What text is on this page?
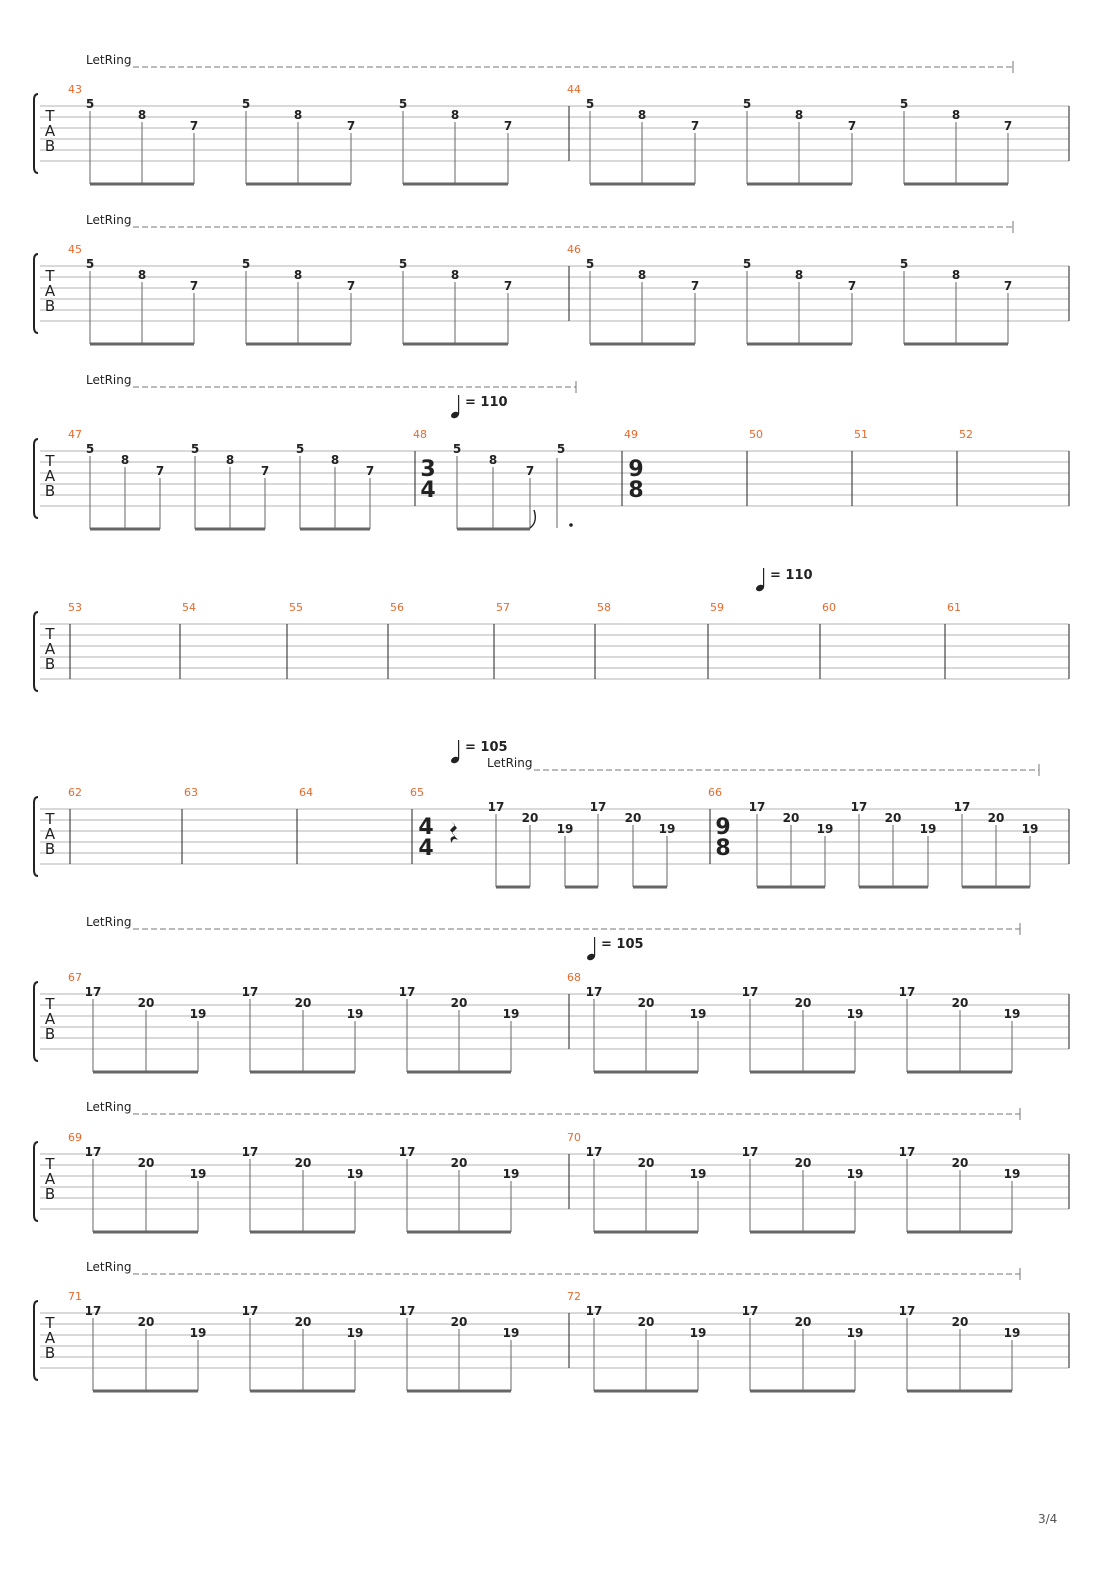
T
A
B
LetRing
43
5
8
7
5
8
7
5
8
7
44
5
8
7
5
8
7
5
8
7
T
A
B
LetRing
45
5
8
7
5
8
7
5
8
7
46
5
8
7
5
8
7
5
8
7
T
A
B
LetRing
47
5
8
7
5
8
7
5
8
7
48
3
4
= 110
5
8
7
5
49
9
8
50	51	52
T
A
B
53	54	55	56	57	58	59
= 110
60	61
T
A
B
LetRing
62	63	64	65
4
4
= 105
17
20
19
17
20
19
66
9
8
17
20
19
17
20
19
17
20
19
T
A
B
LetRing
67
17
20
19
17
20
19
17
20
19
68
= 105
17
20
19
17
20
19
17
20
19
T
A
B
LetRing
69
17
20
19
17
20
19
17
20
19
70
17
20
19
17
20
19
17
20
19
T
A
B
LetRing
71
17
20
19
17
20
19
17
20
19
72
17
20
19
17
20
19
17
20
19
3/4
